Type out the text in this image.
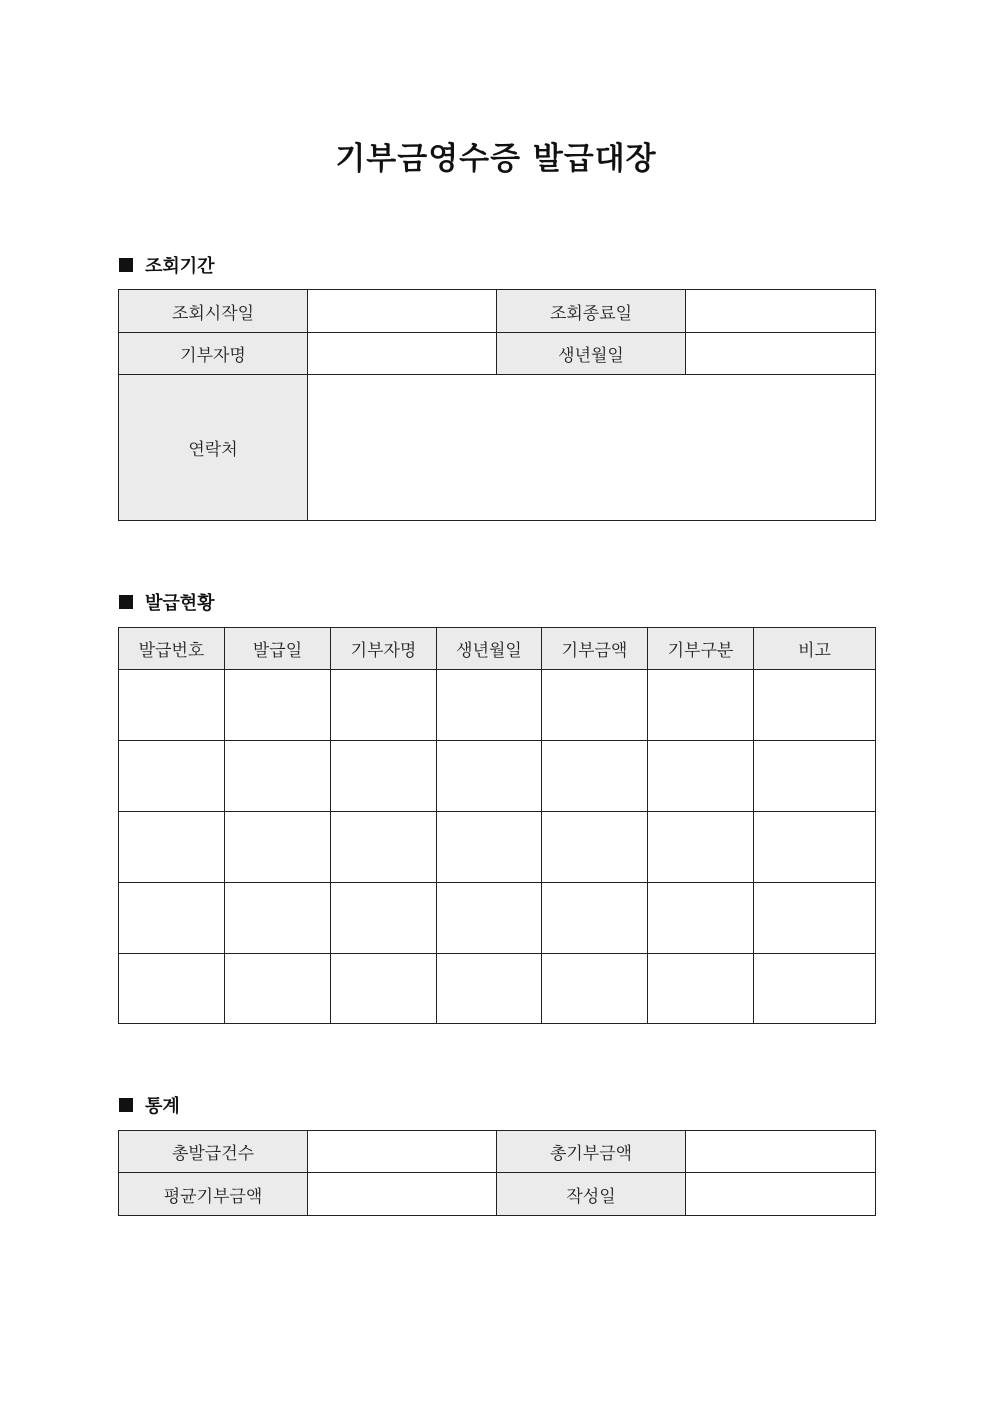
기부금영수증 발급대장
조회기간
조회시작일		조회종료일	
기부자명		생년월일	
연락처			
발급현황
발급번호	발급일	기부자명	생년월일	기부금액	기부구분	비고

통계
총발급건수		총기부금액	
평균기부금액		작성일	
